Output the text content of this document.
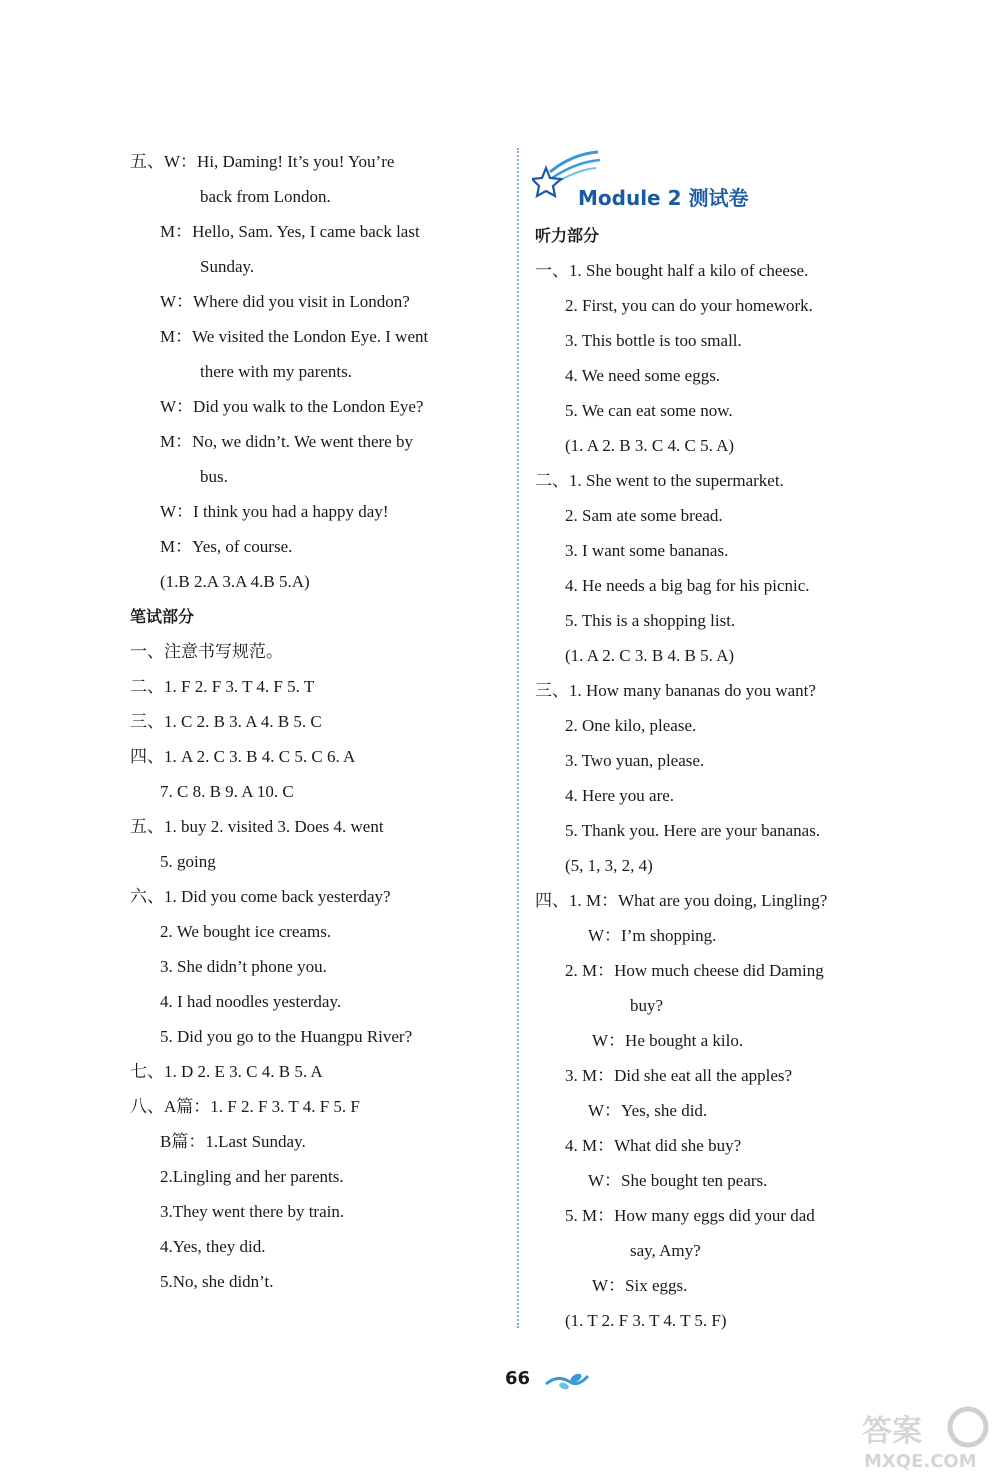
五、W：Hi, Daming! It’s you! You’re
back from London.
M：Hello, Sam. Yes, I came back last
Sunday.
W：Where did you visit in London?
M：We visited the London Eye. I went
there with my parents.
W：Did you walk to the London Eye?
M：No, we didn’t. We went there by
bus.
W：I think you had a happy day!
M：Yes, of course.
(1.B 2.A 3.A 4.B 5.A)
笔试部分
一、注意书写规范。
二、1. F 2. F 3. T 4. F 5. T
三、1. C 2. B 3. A 4. B 5. C
四、1. A 2. C 3. B 4. C 5. C 6. A
7. C 8. B 9. A 10. C
五、1. buy 2. visited 3. Does 4. went
5. going
六、1. Did you come back yesterday?
2. We bought ice creams.
3. She didn’t phone you.
4. I had noodles yesterday.
5. Did you go to the Huangpu River?
七、1. D 2. E 3. C 4. B 5. A
八、A篇：1. F 2. F 3. T 4. F 5. F
B篇：1.Last Sunday.
2.Lingling and her parents.
3.They went there by train.
4.Yes, they did.
5.No, she didn’t.
Module 2 测试卷
听力部分
一、1. She bought half a kilo of cheese.
2. First, you can do your homework.
3. This bottle is too small.
4. We need some eggs.
5. We can eat some now.
(1. A 2. B 3. C 4. C 5. A)
二、1. She went to the supermarket.
2. Sam ate some bread.
3. I want some bananas.
4. He needs a big bag for his picnic.
5. This is a shopping list.
(1. A 2. C 3. B 4. B 5. A)
三、1. How many bananas do you want?
2. One kilo, please.
3. Two yuan, please.
4. Here you are.
5. Thank you. Here are your bananas.
(5, 1, 3, 2, 4)
四、1. M：What are you doing, Lingling?
W：I’m shopping.
2. M：How much cheese did Daming
buy?
W：He bought a kilo.
3. M：Did she eat all the apples?
W：Yes, she did.
4. M：What did she buy?
W：She bought ten pears.
5. M：How many eggs did your dad
say, Amy?
W：Six eggs.
(1. T 2. F 3. T 4. T 5. F)
66
答案
MXQE.COM
